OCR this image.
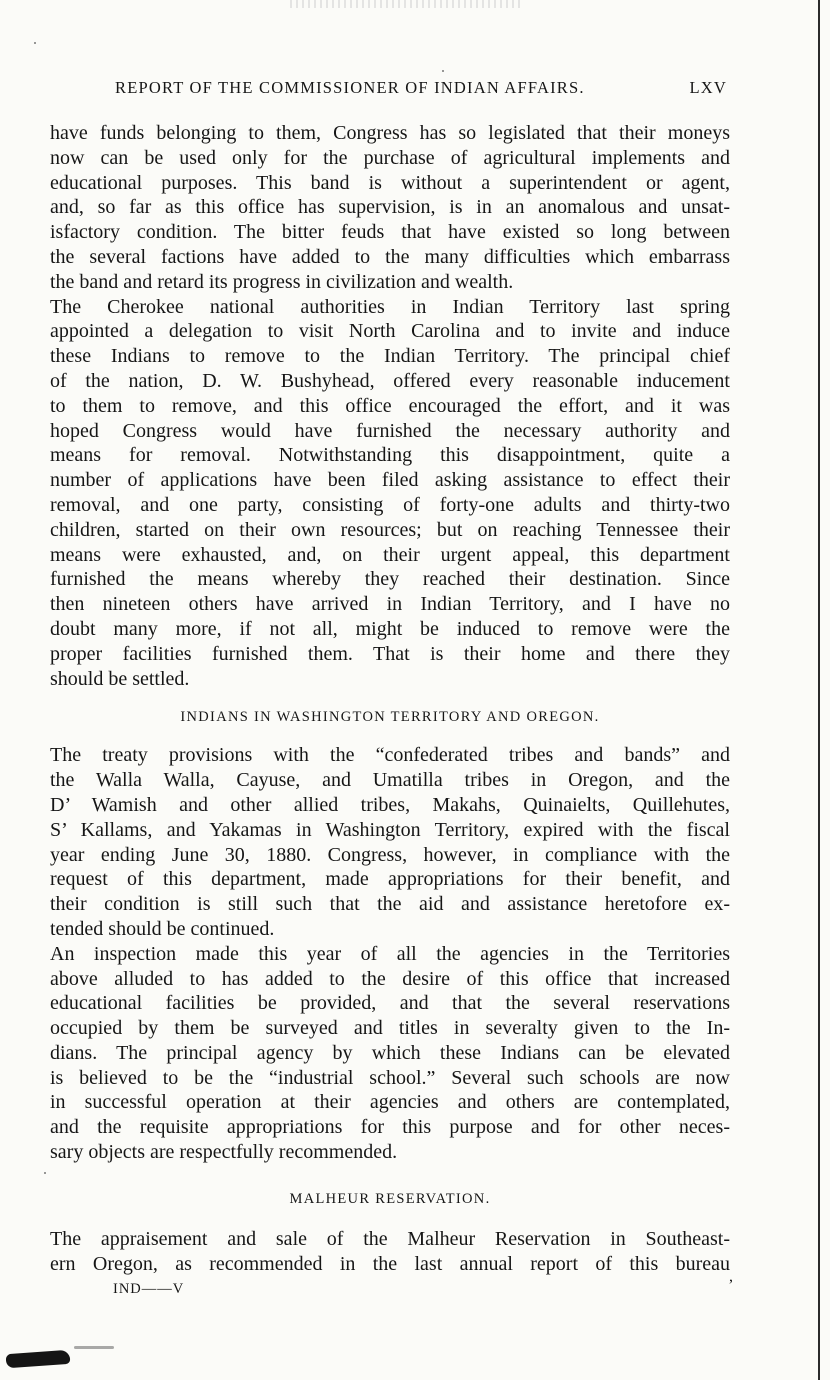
REPORT OF THE COMMISSIONER OF INDIAN AFFAIRS.	LXV
have funds belonging to them, Congress has so legislated that their moneys
now can be used only for the purchase of agricultural implements and
educational purposes. This band is without a superintendent or agent,
and, so far as this office has supervision, is in an anomalous and unsat-
isfactory condition. The bitter feuds that have existed so long between
the several factions have added to the many difficulties which embarrass
the band and retard its progress in civilization and wealth.
The Cherokee national authorities in Indian Territory last spring
appointed a delegation to visit North Carolina and to invite and induce
these Indians to remove to the Indian Territory. The principal chief
of the nation, D. W. Bushyhead, offered every reasonable inducement
to them to remove, and this office encouraged the effort, and it was
hoped Congress would have furnished the necessary authority and
means for removal. Notwithstanding this disappointment, quite a
number of applications have been filed asking assistance to effect their
removal, and one party, consisting of forty-one adults and thirty-two
children, started on their own resources; but on reaching Tennessee their
means were exhausted, and, on their urgent appeal, this department
furnished the means whereby they reached their destination. Since
then nineteen others have arrived in Indian Territory, and I have no
doubt many more, if not all, might be induced to remove were the
proper facilities furnished them. That is their home and there they
should be settled.
INDIANS IN WASHINGTON TERRITORY AND OREGON.
The treaty provisions with the “confederated tribes and bands” and
the Walla Walla, Cayuse, and Umatilla tribes in Oregon, and the
D’ Wamish and other allied tribes, Makahs, Quinaielts, Quillehutes,
S’ Kallams, and Yakamas in Washington Territory, expired with the fiscal
year ending June 30, 1880. Congress, however, in compliance with the
request of this department, made appropriations for their benefit, and
their condition is still such that the aid and assistance heretofore ex-
tended should be continued.
An inspection made this year of all the agencies in the Territories
above alluded to has added to the desire of this office that increased
educational facilities be provided, and that the several reservations
occupied by them be surveyed and titles in severalty given to the In-
dians. The principal agency by which these Indians can be elevated
is believed to be the “industrial school.” Several such schools are now
in successful operation at their agencies and others are contemplated,
and the requisite appropriations for this purpose and for other neces-
sary objects are respectfully recommended.
MALHEUR RESERVATION.
The appraisement and sale of the Malheur Reservation in Southeast-
ern Oregon, as recommended in the last annual report of this bureau
IND——V
,
